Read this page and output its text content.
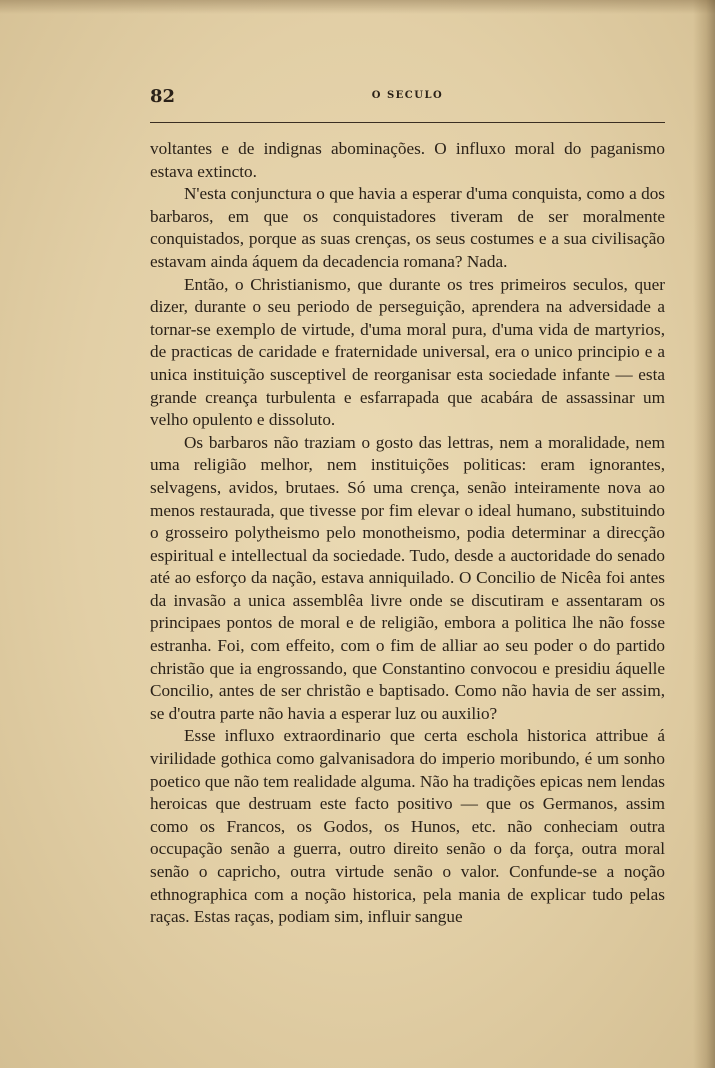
82	O SECULO

voltantes e de indignas abominações. O influxo moral do paganismo estava extincto.

N'esta conjunctura o que havia a esperar d'uma conquista, como a dos barbaros, em que os conquistadores tiveram de ser moralmente conquistados, porque as suas crenças, os seus costumes e a sua civilisação estavam ainda áquem da decadencia romana? Nada.

Então, o Christianismo, que durante os tres primeiros seculos, quer dizer, durante o seu periodo de perseguição, aprendera na adversidade a tornar-se exemplo de virtude, d'uma moral pura, d'uma vida de martyrios, de practicas de caridade e fraternidade universal, era o unico principio e a unica instituição susceptivel de reorganisar esta sociedade infante — esta grande creança turbulenta e esfarrapada que acabára de assassinar um velho opulento e dissoluto.

Os barbaros não traziam o gosto das lettras, nem a moralidade, nem uma religião melhor, nem instituições politicas: eram ignorantes, selvagens, avidos, brutaes. Só uma crença, senão inteiramente nova ao menos restaurada, que tivesse por fim elevar o ideal humano, substituindo o grosseiro polytheismo pelo monotheismo, podia determinar a direcção espiritual e intellectual da sociedade. Tudo, desde a auctoridade do senado até ao esforço da nação, estava anniquilado. O Concilio de Nicêa foi antes da invasão a unica assemblêa livre onde se discutiram e assentaram os principaes pontos de moral e de religião, embora a politica lhe não fosse estranha. Foi, com effeito, com o fim de alliar ao seu poder o do partido christão que ia engrossando, que Constantino convocou e presidiu áquelle Concilio, antes de ser christão e baptisado. Como não havia de ser assim, se d'outra parte não havia a esperar luz ou auxilio?

Esse influxo extraordinario que certa eschola historica attribue á virilidade gothica como galvanisadora do imperio moribundo, é um sonho poetico que não tem realidade alguma. Não ha tradições epicas nem lendas heroicas que destruam este facto positivo — que os Germanos, assim como os Francos, os Godos, os Hunos, etc. não conheciam outra occupação senão a guerra, outro direito senão o da força, outra moral senão o capricho, outra virtude senão o valor. Confunde-se a noção ethnographica com a noção historica, pela mania de explicar tudo pelas raças. Estas raças, podiam sim, influir sangue
